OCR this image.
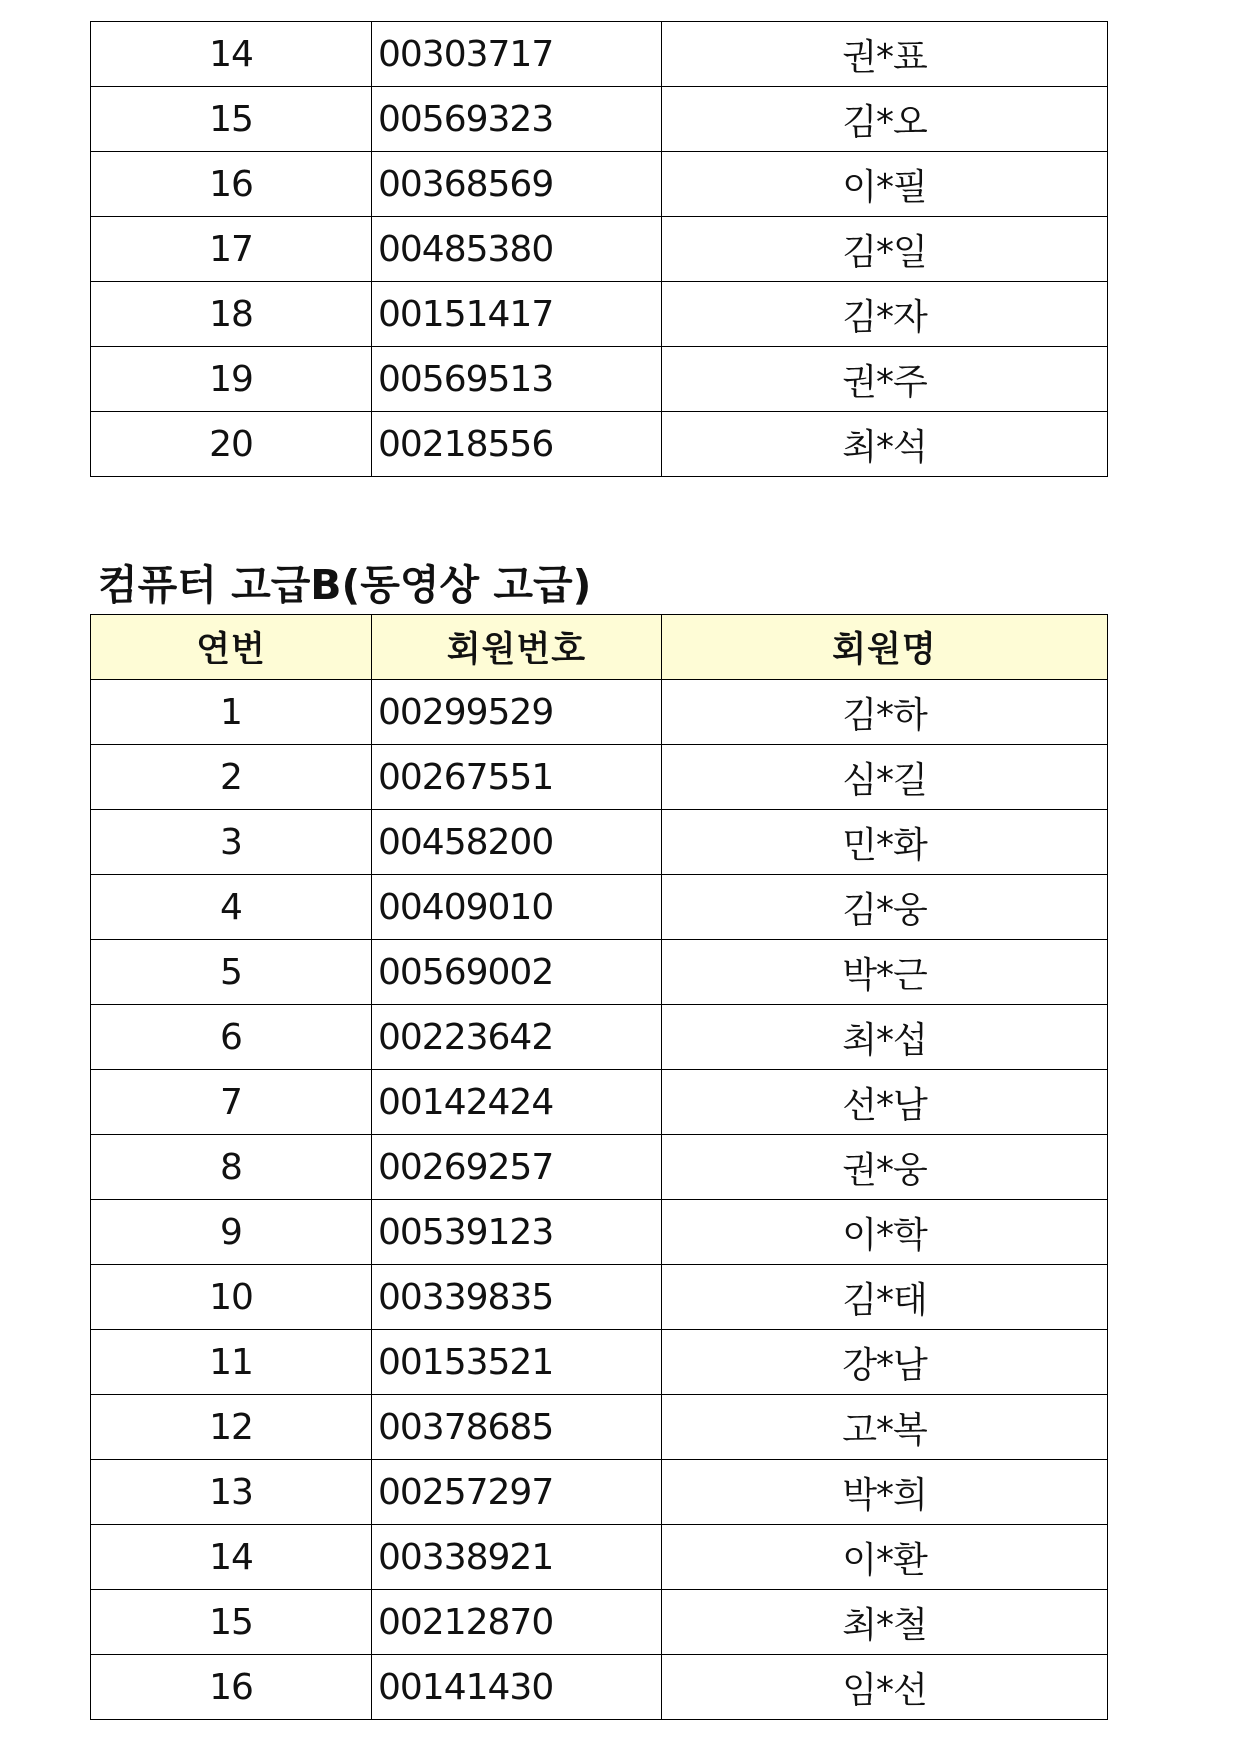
14	00303717	권*표
15	00569323	김*오
16	00368569	이*필
17	00485380	김*일
18	00151417	김*자
19	00569513	권*주
20	00218556	최*석
컴퓨터 고급B(동영상 고급)
연번	회원번호	회원명
1	00299529	김*하
2	00267551	심*길
3	00458200	민*화
4	00409010	김*웅
5	00569002	박*근
6	00223642	최*섭
7	00142424	선*남
8	00269257	권*웅
9	00539123	이*학
10	00339835	김*태
11	00153521	강*남
12	00378685	고*복
13	00257297	박*희
14	00338921	이*환
15	00212870	최*철
16	00141430	임*선
